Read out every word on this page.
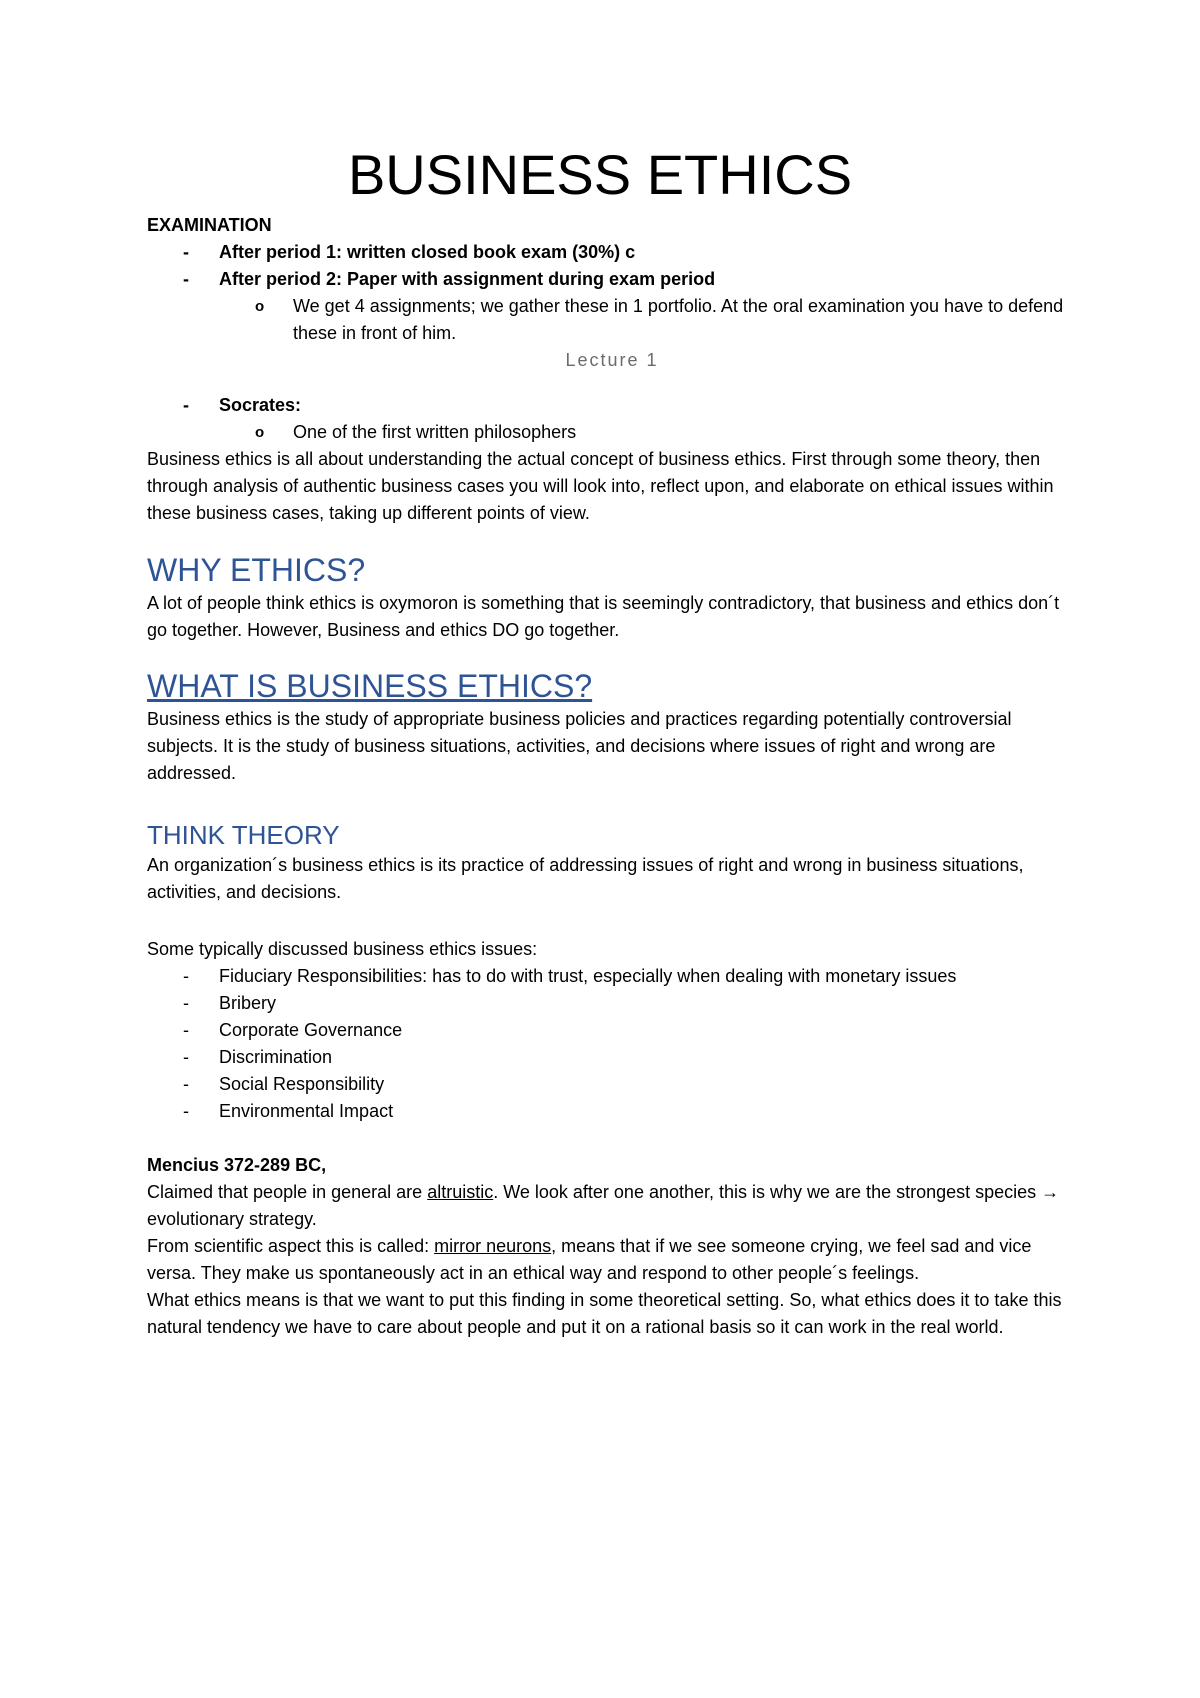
BUSINESS ETHICS
EXAMINATION
- After period 1: written closed book exam (30%) c
- After period 2: Paper with assignment during exam period
o We get 4 assignments; we gather these in 1 portfolio. At the oral examination you have to defend these in front of him.
Lecture 1
- Socrates:
o One of the first written philosophers

Business ethics is all about understanding the actual concept of business ethics. First through some theory, then through analysis of authentic business cases you will look into, reflect upon, and elaborate on ethical issues within these business cases, taking up different points of view.

WHY ETHICS?

A lot of people think ethics is oxymoron is something that is seemingly contradictory, that business and ethics don´t go together. However, Business and ethics DO go together.

WHAT IS BUSINESS ETHICS?

Business ethics is the study of appropriate business policies and practices regarding potentially controversial subjects. It is the study of business situations, activities, and decisions where issues of right and wrong are addressed.

THINK THEORY

An organization´s business ethics is its practice of addressing issues of right and wrong in business situations, activities, and decisions.

Some typically discussed business ethics issues:
- Fiduciary Responsibilities: has to do with trust, especially when dealing with monetary issues
- Bribery
- Corporate Governance
- Discrimination
- Social Responsibility
- Environmental Impact
Mencius 372-289 BC,

Claimed that people in general are altruistic. We look after one another, this is why we are the strongest species → evolutionary strategy.

From scientific aspect this is called: mirror neurons, means that if we see someone crying, we feel sad and vice versa. They make us spontaneously act in an ethical way and respond to other people´s feelings.

What ethics means is that we want to put this finding in some theoretical setting. So, what ethics does it to take this natural tendency we have to care about people and put it on a rational basis so it can work in the real world.
